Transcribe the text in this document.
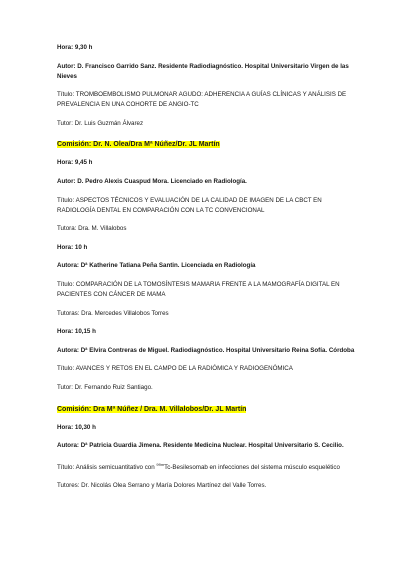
Hora: 9,30 h

Autor: D. Francisco Garrido Sanz. Residente Radiodiagnóstico. Hospital Universitario Virgen de las Nieves

Título: TROMBOEMBOLISMO PULMONAR AGUDO: ADHERENCIA A GUÍAS CLÍNICAS Y ANÁLISIS DE PREVALENCIA EN UNA COHORTE DE ANGIO-TC

Tutor: Dr. Luis Guzmán Álvarez

Comisión: Dr. N. Olea/Dra Mª Núñez/Dr. JL Martín

Hora: 9,45 h

Autor: D. Pedro Alexis Cuaspud Mora. Licenciado en Radiología.

Título: ASPECTOS TÉCNICOS Y EVALUACIÓN DE LA CALIDAD DE IMAGEN DE LA CBCT EN RADIOLOGÍA DENTAL EN COMPARACIÓN CON LA TC CONVENCIONAL

Tutora: Dra. M. Villalobos

Hora: 10 h

Autora: Dª Katherine Tatiana Peña Santin. Licenciada en Radiología

Título: COMPARACIÓN DE LA TOMOSÍNTESIS MAMARIA FRENTE A LA MAMOGRAFÍA DIGITAL EN PACIENTES CON CÁNCER DE MAMA

Tutoras: Dra. Mercedes Villalobos Torres

Hora: 10,15 h

Autora: Dª Elvira Contreras de Miguel. Radiodiagnóstico. Hospital Universitario Reina Sofía. Córdoba

Título: AVANCES Y RETOS EN EL CAMPO DE LA RADIÓMICA Y RADIOGENÓMICA

Tutor: Dr. Fernando Ruiz Santiago.

Comisión: Dra Mª Núñez / Dra. M. Villalobos/Dr. JL Martín

Hora: 10,30 h

Autora: Dª Patricia Guardia Jimena. Residente Medicina Nuclear. Hospital Universitario S. Cecilio.

Título: Análisis semicuantitativo con $^{99m}$Tc-Besilesomab en infecciones del sistema músculo esquelético

Tutores: Dr. Nicolás Olea Serrano y María Dolores Martínez del Valle Torres.
